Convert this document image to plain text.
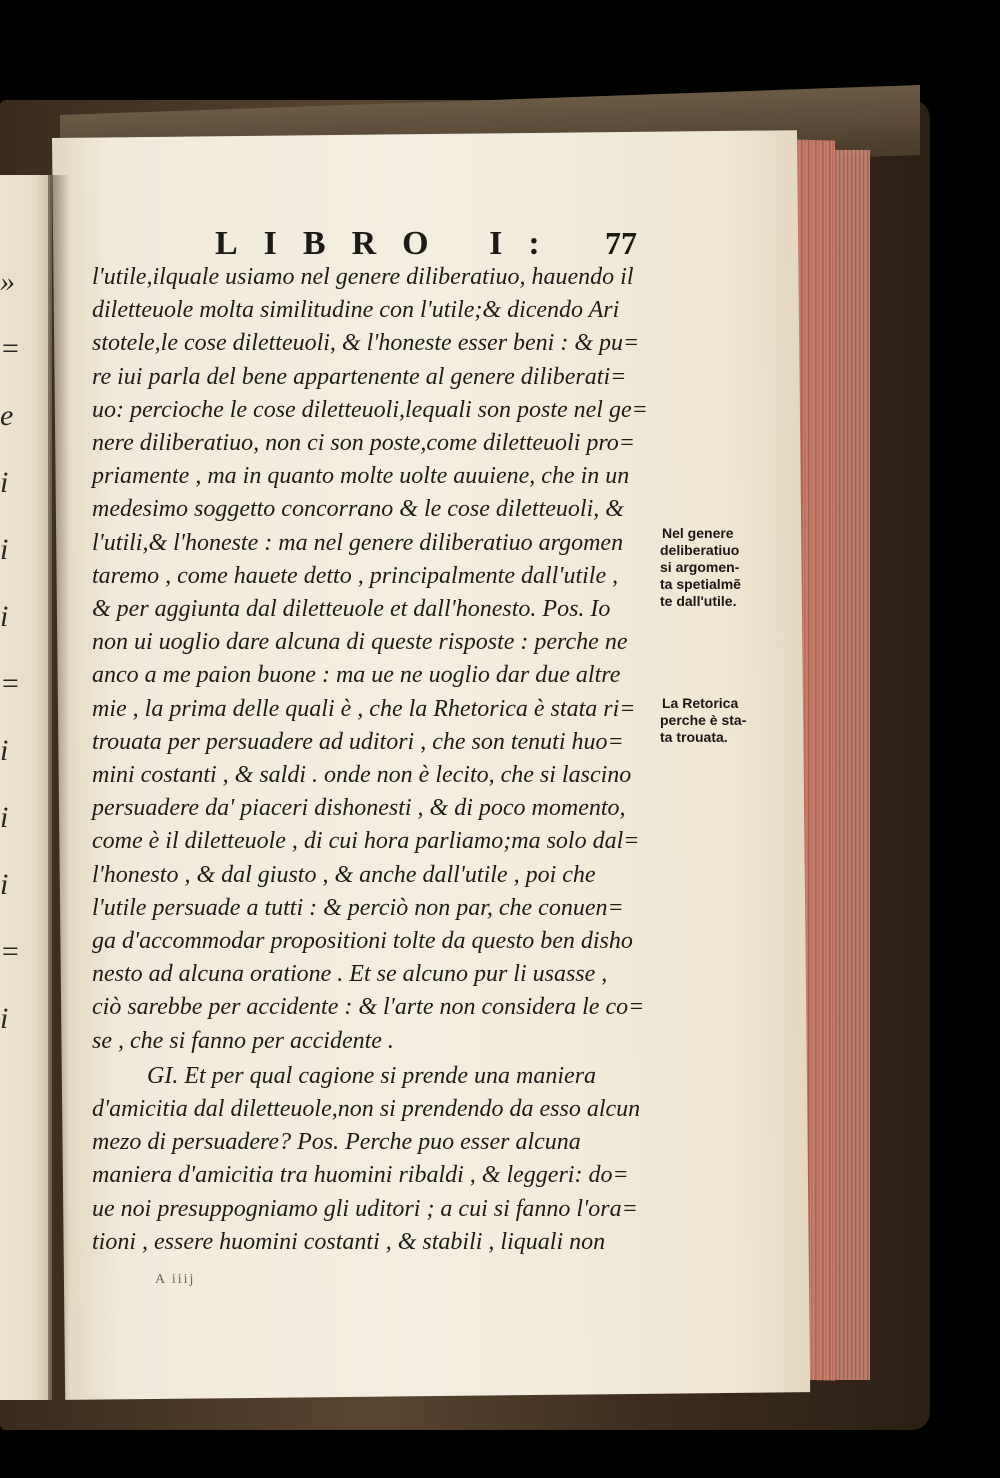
»
=
e
i
i
i
=
i
i
i
=
i
LIBRO I: 77
l'utile,ilquale usiamo nel genere diliberatiuo, hauendo il
diletteuole molta similitudine con l'utile;& dicendo Ari
stotele,le cose diletteuoli, & l'honeste esser beni : & pu=
re iui parla del bene appartenente al genere diliberati=
uo: percioche le cose diletteuoli,lequali son poste nel ge=
nere diliberatiuo, non ci son poste,come diletteuoli pro=
priamente , ma in quanto molte uolte auuiene, che in un
medesimo soggetto concorrano & le cose diletteuoli, &
l'utili,& l'honeste : ma nel genere diliberatiuo argomen
taremo , come hauete detto , principalmente dall'utile ,
& per aggiunta dal diletteuole et dall'honesto. Pos. Io
non ui uoglio dare alcuna di queste risposte : perche ne
anco a me paion buone : ma ue ne uoglio dar due altre
mie , la prima delle quali è , che la Rhetorica è stata ri=
trouata per persuadere ad uditori , che son tenuti huo=
mini costanti , & saldi . onde non è lecito, che si lascino
persuadere da' piaceri dishonesti , & di poco momento,
come è il diletteuole , di cui hora parliamo;ma solo dal=
l'honesto , & dal giusto , & anche dall'utile , poi che
l'utile persuade a tutti : & perciò non par, che conuen=
ga d'accommodar propositioni tolte da questo ben disho
nesto ad alcuna oratione . Et se alcuno pur li usasse ,
ciò sarebbe per accidente : & l'arte non considera le co=
se , che si fanno per accidente .
GI. Et per qual cagione si prende una maniera
d'amicitia dal diletteuole,non si prendendo da esso alcun
mezo di persuadere? Pos. Perche puo esser alcuna
maniera d'amicitia tra huomini ribaldi , & leggeri: do=
ue noi presuppogniamo gli uditori ; a cui si fanno l'ora=
tioni , essere huomini costanti , & stabili , liquali non
Nel genere
deliberatiuo
si argomen-
ta spetialmẽ
te dall'utile.
La Retorica
perche è sta-
ta trouata.
A iiij
